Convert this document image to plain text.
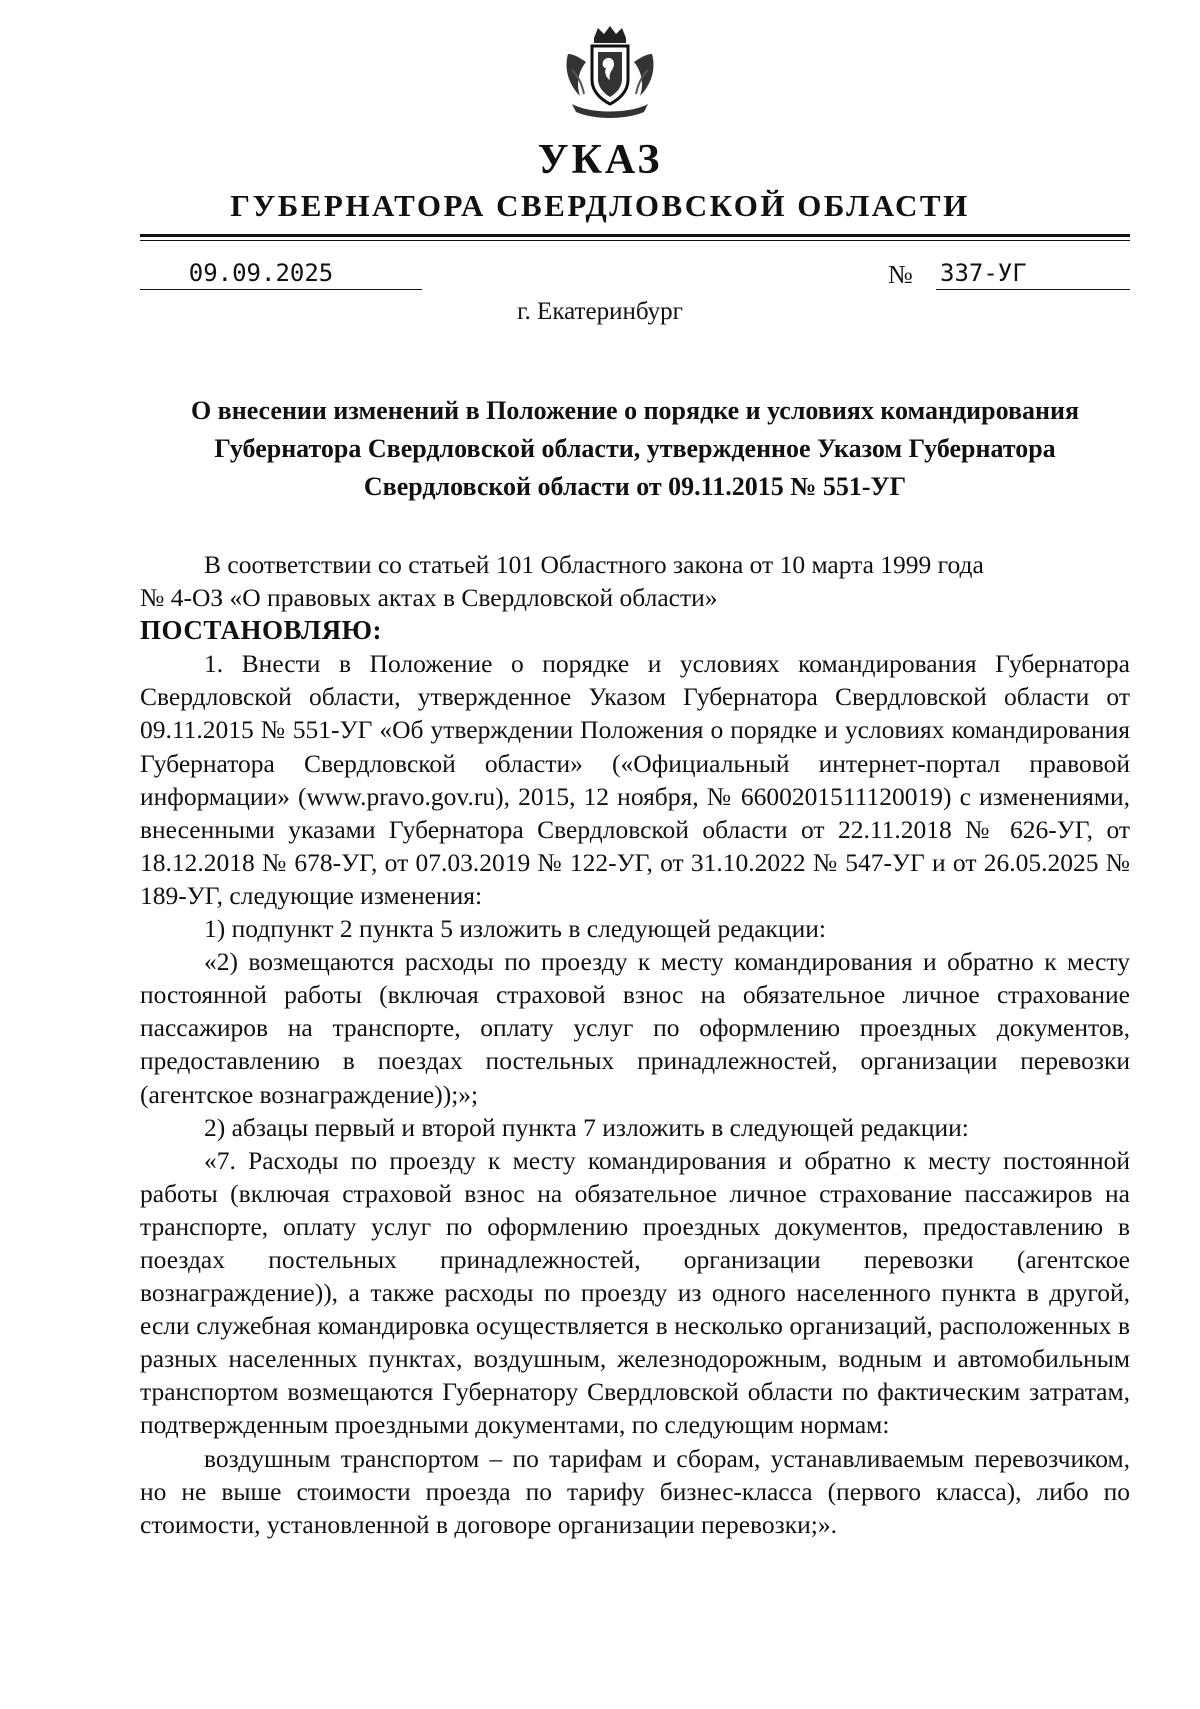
УКАЗ
ГУБЕРНАТОРА СВЕРДЛОВСКОЙ ОБЛАСТИ
09.09.2025	№ 337-УГ
г. Екатеринбург
О внесении изменений в Положение о порядке и условиях командирования Губернатора Свердловской области, утвержденное Указом Губернатора Свердловской области от 09.11.2015 № 551-УГ

В соответствии со статьей 101 Областного закона от 10 марта 1999 года

№ 4-ОЗ «О правовых актах в Свердловской области»

ПОСТАНОВЛЯЮ:

1. Внести в Положение о порядке и условиях командирования Губернатора Свердловской области, утвержденное Указом Губернатора Свердловской области от 09.11.2015 № 551-УГ «Об утверждении Положения о порядке и условиях командирования Губернатора Свердловской области» («Официальный интернет-портал правовой информации» (www.pravo.gov.ru), 2015, 12 ноября, № 6600201511120019) с изменениями, внесенными указами Губернатора Свердловской области от 22.11.2018 № 626-УГ, от 18.12.2018 № 678-УГ, от 07.03.2019 № 122-УГ, от 31.10.2022 № 547-УГ и от 26.05.2025 № 189-УГ, следующие изменения:

1) подпункт 2 пункта 5 изложить в следующей редакции:

«2) возмещаются расходы по проезду к месту командирования и обратно к месту постоянной работы (включая страховой взнос на обязательное личное страхование пассажиров на транспорте, оплату услуг по оформлению проездных документов, предоставлению в поездах постельных принадлежностей, организации перевозки (агентское вознаграждение));»;

2) абзацы первый и второй пункта 7 изложить в следующей редакции:

«7. Расходы по проезду к месту командирования и обратно к месту постоянной работы (включая страховой взнос на обязательное личное страхование пассажиров на транспорте, оплату услуг по оформлению проездных документов, предоставлению в поездах постельных принадлежностей, организации перевозки (агентское вознаграждение)), а также расходы по проезду из одного населенного пункта в другой, если служебная командировка осуществляется в несколько организаций, расположенных в разных населенных пунктах, воздушным, железнодорожным, водным и автомобильным транспортом возмещаются Губернатору Свердловской области по фактическим затратам, подтвержденным проездными документами, по следующим нормам:

воздушным транспортом – по тарифам и сборам, устанавливаемым перевозчиком, но не выше стоимости проезда по тарифу бизнес-класса (первого класса), либо по стоимости, установленной в договоре организации перевозки;».
